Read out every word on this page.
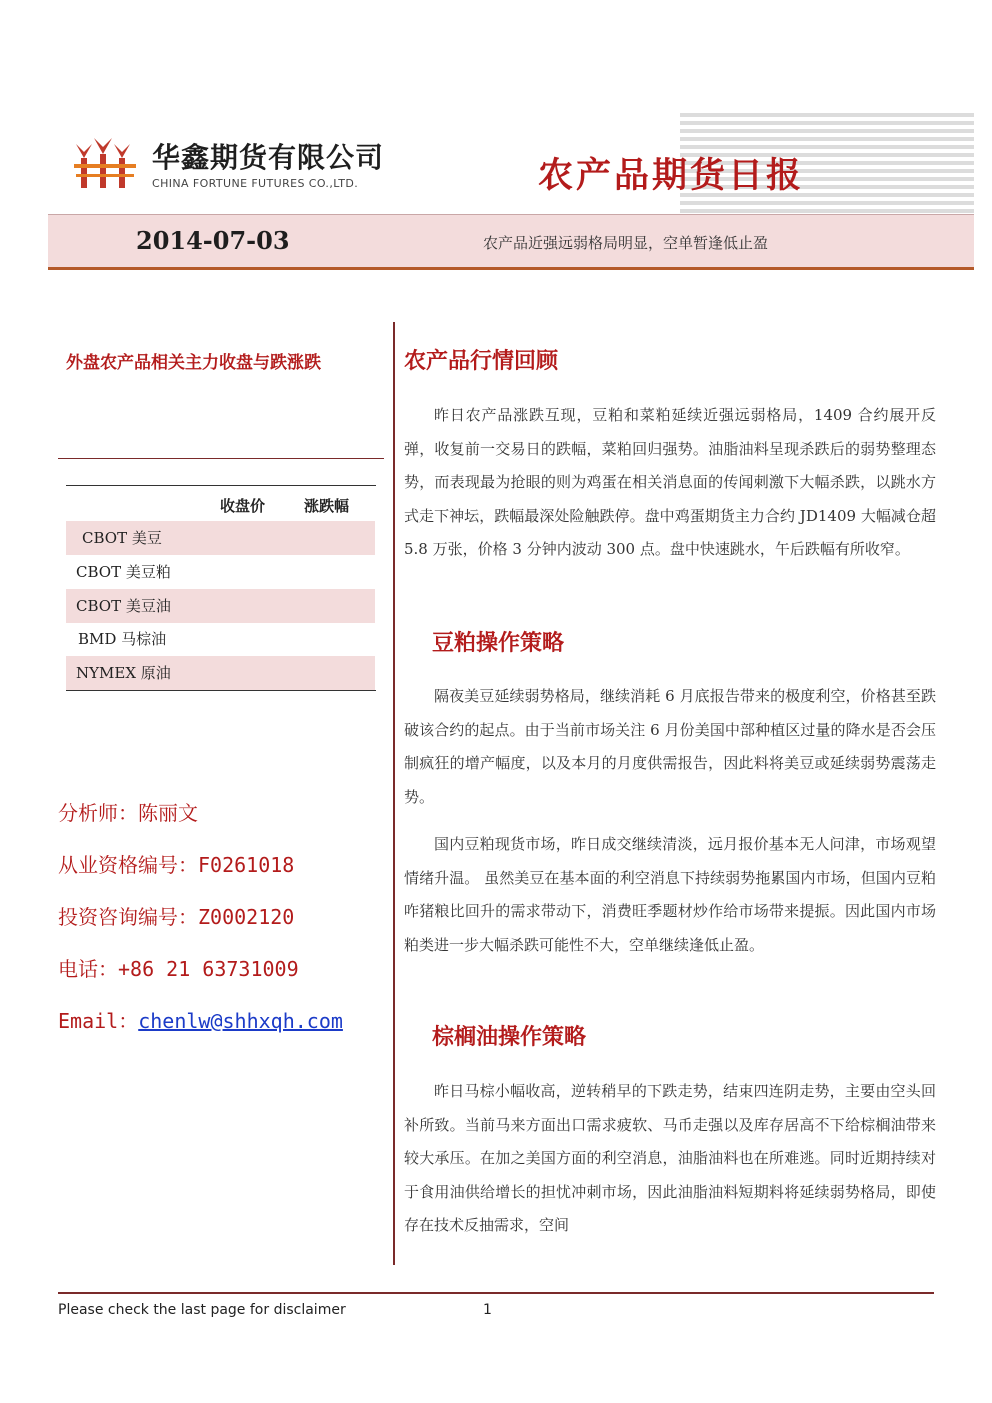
华鑫期货有限公司
CHINA FORTUNE FUTURES CO.,LTD.	农产品期货日报
2014-07-03	农产品近强远弱格局明显，空单暂逢低止盈
外盘农产品相关主力收盘与跌涨跌
收盘价	涨跌幅
CBOT 美豆
CBOT 美豆粕
CBOT 美豆油
BMD 马棕油
NYMEX 原油
分析师：陈丽文
从业资格编号：F0261018
投资咨询编号：Z0002120
电话：+86 21 63731009
Email：chenlw@shhxqh.com
农产品行情回顾

昨日农产品涨跌互现，豆粕和菜粕延续近强远弱格局，1409 合约展开反弹，收复前一交易日的跌幅，菜粕回归强势。油脂油料呈现杀跌后的弱势整理态势，而表现最为抢眼的则为鸡蛋在相关消息面的传闻刺激下大幅杀跌，以跳水方式走下神坛，跌幅最深处险触跌停。盘中鸡蛋期货主力合约 JD1409 大幅减仓超 5.8 万张，价格 3 分钟内波动 300 点。盘中快速跳水，午后跌幅有所收窄。

豆粕操作策略

隔夜美豆延续弱势格局，继续消耗 6 月底报告带来的极度利空，价格甚至跌破该合约的起点。由于当前市场关注 6 月份美国中部种植区过量的降水是否会压制疯狂的增产幅度，以及本月的月度供需报告，因此料将美豆或延续弱势震荡走势。

国内豆粕现货市场，昨日成交继续清淡，远月报价基本无人问津，市场观望情绪升温。 虽然美豆在基本面的利空消息下持续弱势拖累国内市场，但国内豆粕咋猪粮比回升的需求带动下，消费旺季题材炒作给市场带来提振。因此国内市场粕类进一步大幅杀跌可能性不大，空单继续逢低止盈。

棕榈油操作策略

昨日马棕小幅收高，逆转稍早的下跌走势，结束四连阴走势，主要由空头回补所致。当前马来方面出口需求疲软、马币走强以及库存居高不下给棕榈油带来较大承压。在加之美国方面的利空消息，油脂油料也在所难逃。同时近期持续对于食用油供给增长的担忧冲刺市场，因此油脂油料短期料将延续弱势格局，即使存在技术反抽需求，空间

Please check the last page for disclaimer	1
